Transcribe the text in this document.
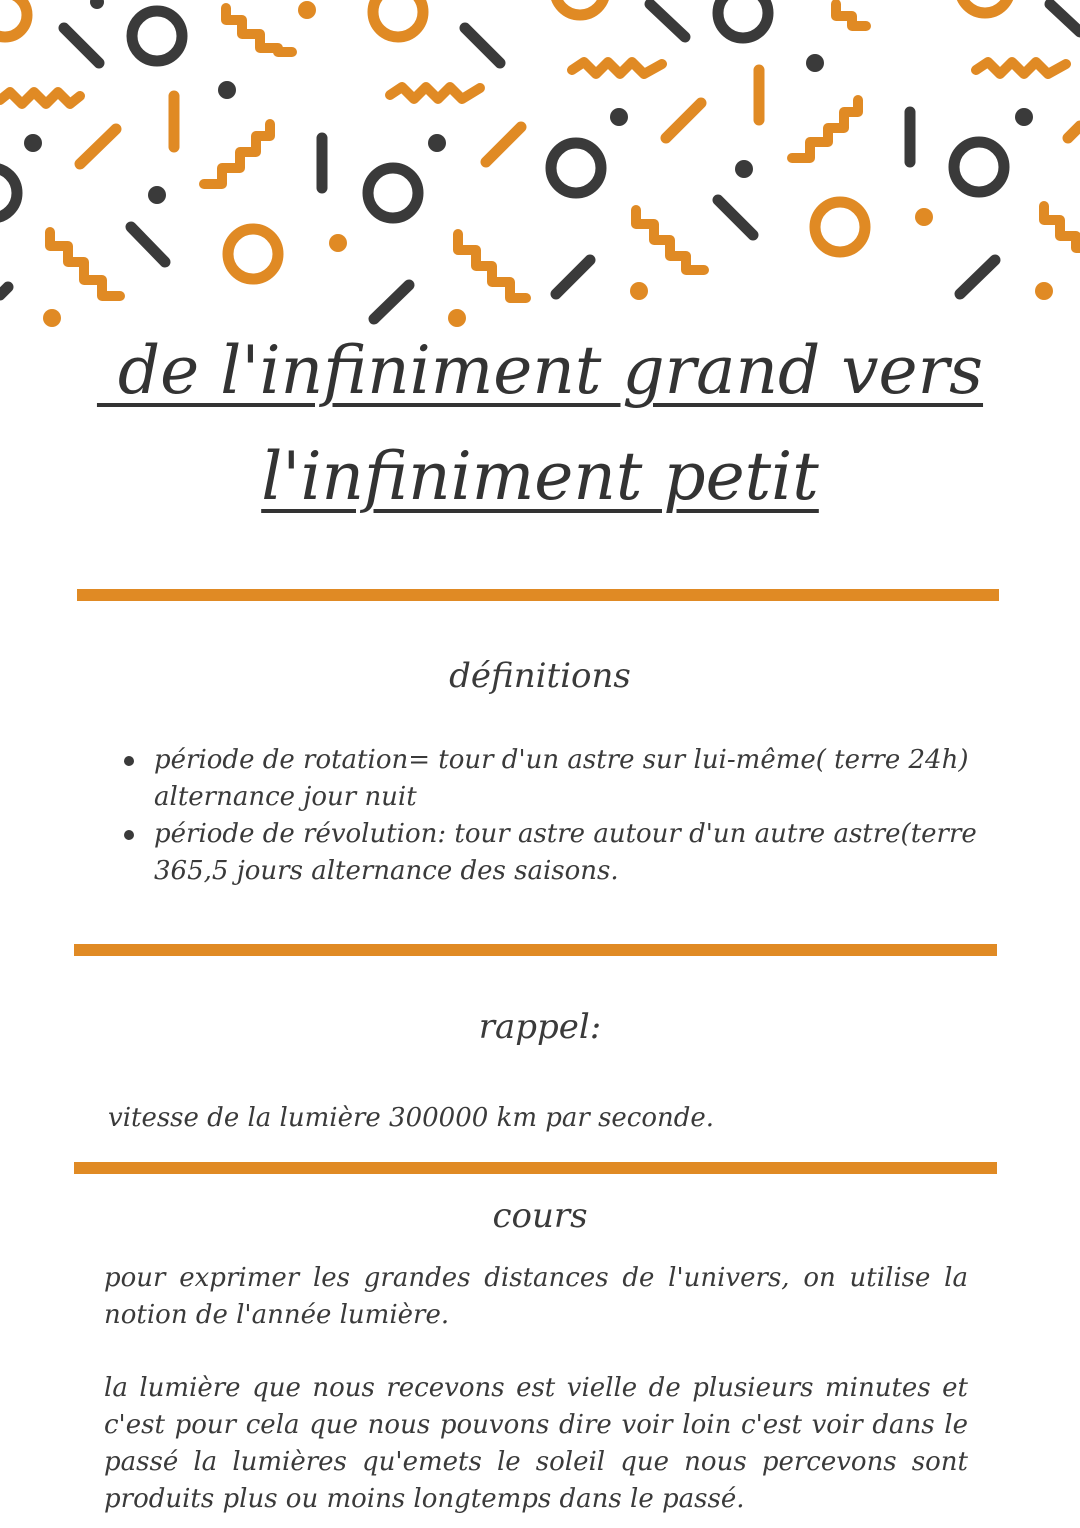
de l'infiniment grand vers
l'infiniment petit
définitions
période de rotation= tour d'un astre sur lui-même( terre 24h) alternance jour nuit
période de révolution: tour astre autour d'un autre astre(terre 365,5 jours alternance des saisons.
rappel:
vitesse de la lumière 300000 km par seconde.
cours
pour exprimer les grandes distances de l'univers, on utilise la notion de l'année lumière.
la lumière que nous recevons est vielle de plusieurs minutes et c'est pour cela que nous pouvons dire voir loin c'est voir dans le passé la lumières qu'emets le soleil que nous percevons sont produits plus ou moins longtemps dans le passé.
